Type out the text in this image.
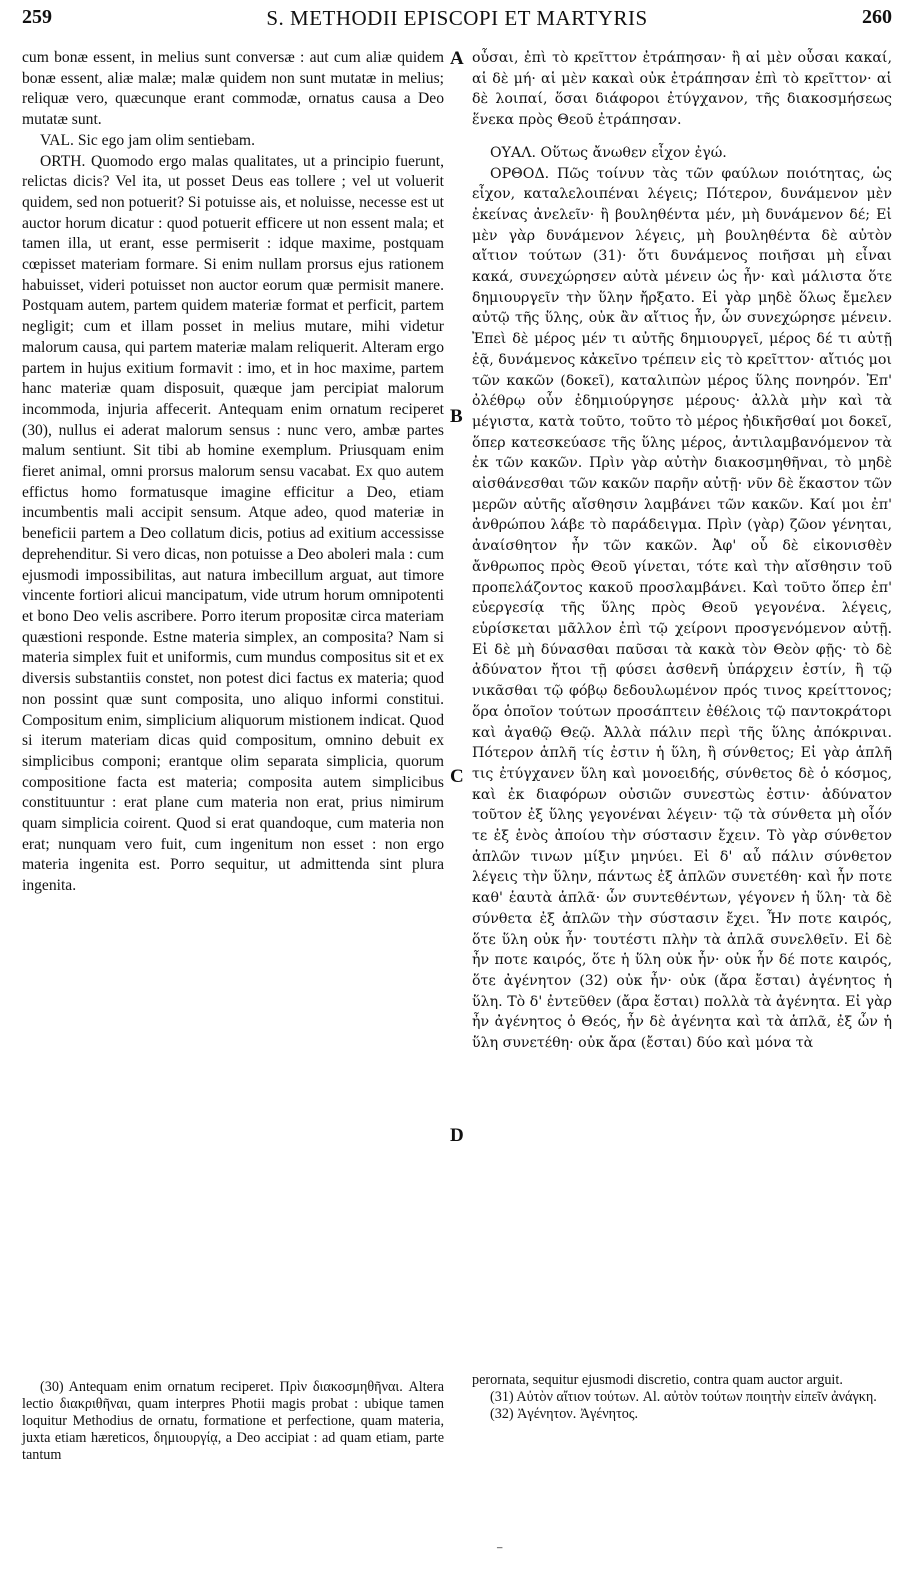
259	S. METHODII EPISCOPI ET MARTYRIS	260

cum bonæ essent, in melius sunt conversæ : aut cum aliæ quidem bonæ essent, aliæ malæ; malæ quidem non sunt mutatæ in melius; reliquæ vero, quæcunque erant commodæ, ornatus causa a Deo mutatæ sunt.

VAL. Sic ego jam olim sentiebam.

ORTH. Quomodo ergo malas qualitates, ut a principio fuerunt, relictas dicis? Vel ita, ut posset Deus eas tollere ; vel ut voluerit quidem, sed non potuerit? Si potuisse ais, et noluisse, necesse est ut auctor horum dicatur : quod potuerit efficere ut non essent mala; et tamen illa, ut erant, esse permiserit : idque maxime, postquam cœpisset materiam formare. Si enim nullam prorsus ejus rationem habuisset, videri potuisset non auctor eorum quæ permisit manere. Postquam autem, partem quidem materiæ format et perficit, partem negligit; cum et illam posset in melius mutare, mihi videtur malorum causa, qui partem materiæ malam reliquerit. Alteram ergo partem in hujus exitium formavit : imo, et in hoc maxime, partem hanc materiæ quam disposuit, quæque jam percipiat malorum incommoda, injuria affecerit. Antequam enim ornatum reciperet (30), nullus ei aderat malorum sensus : nunc vero, ambæ partes malum sentiunt. Sit tibi ab homine exemplum. Priusquam enim fieret animal, omni prorsus malorum sensu vacabat. Ex quo autem effictus homo formatusque imagine efficitur a Deo, etiam incumbentis mali accipit sensum. Atque adeo, quod materiæ in beneficii partem a Deo collatum dicis, potius ad exitium accessisse deprehenditur. Si vero dicas, non potuisse a Deo aboleri mala : cum ejusmodi impossibilitas, aut natura imbecillum arguat, aut timore vincente fortiori alicui mancipatum, vide utrum horum omnipotenti et bono Deo velis ascribere. Porro iterum propositæ circa materiam quæstioni responde. Estne materia simplex, an composita? Nam si materia simplex fuit et uniformis, cum mundus compositus sit et ex diversis substantiis constet, non potest dici factus ex materia; quod non possint quæ sunt composita, uno aliquo informi constitui. Compositum enim, simplicium aliquorum mistionem indicat. Quod si iterum materiam dicas quid compositum, omnino debuit ex simplicibus componi; erantque olim separata simplicia, quorum compositione facta est materia; composita autem simplicibus constituuntur : erat plane cum materia non erat, prius nimirum quam simplicia coirent. Quod si erat quandoque, cum materia non erat; nunquam vero fuit, cum ingenitum non esset : non ergo materia ingenita est. Porro sequitur, ut admittenda sint plura ingenita.

A
B
C
D

οὖσαι, ἐπὶ τὸ κρεῖττον ἐτράπησαν· ἢ αἱ μὲν οὖσαι κακαί, αἱ δὲ μή· αἱ μὲν κακαὶ οὐκ ἐτράπησαν ἐπὶ τὸ κρεῖττον· αἱ δὲ λοιπαί, ὅσαι διάφοροι ἐτύγχανον, τῆς διακοσμήσεως ἕνεκα πρὸς Θεοῦ ἐτράπησαν.

ΟΥΑΛ. Οὕτως ἄνωθεν εἶχον ἐγώ.

ΟΡΘΟΔ. Πῶς τοίνυν τὰς τῶν φαύλων ποιότητας, ὡς εἶχον, καταλελοιπέναι λέγεις; Πότερον, δυνάμενον μὲν ἐκείνας ἀνελεῖν· ἢ βουληθέντα μέν, μὴ δυνάμενον δέ; Εἰ μὲν γὰρ δυνάμενον λέγεις, μὴ βουληθέντα δὲ αὐτὸν αἴτιον τούτων (31)· ὅτι δυνάμενος ποιῆσαι μὴ εἶναι κακά, συνεχώρησεν αὐτὰ μένειν ὡς ἦν· καὶ μάλιστα ὅτε δημιουργεῖν τὴν ὕλην ἤρξατο. Εἰ γὰρ μηδὲ ὅλως ἔμελεν αὐτῷ τῆς ὕλης, οὐκ ἂν αἴτιος ἦν, ὧν συνεχώρησε μένειν. Ἐπεὶ δὲ μέρος μέν τι αὐτῆς δημιουργεῖ, μέρος δέ τι αὐτῇ ἐᾷ, δυνάμενος κἀκεῖνο τρέπειν εἰς τὸ κρεῖττον· αἴτιός μοι τῶν κακῶν (δοκεῖ), καταλιπὼν μέρος ὕλης πονηρόν. Ἐπ' ὀλέθρῳ οὖν ἐδημιούργησε μέρους· ἀλλὰ μὴν καὶ τὰ μέγιστα, κατὰ τοῦτο, τοῦτο τὸ μέρος ἠδικῆσθαί μοι δοκεῖ, ὅπερ κατεσκεύασε τῆς ὕλης μέρος, ἀντιλαμβανόμενον τὰ ἐκ τῶν κακῶν. Πρὶν γὰρ αὐτὴν διακοσμηθῆναι, τὸ μηδὲ αἰσθάνεσθαι τῶν κακῶν παρῆν αὐτῇ· νῦν δὲ ἕκαστον τῶν μερῶν αὐτῆς αἴσθησιν λαμβάνει τῶν κακῶν. Καί μοι ἐπ' ἀνθρώπου λάβε τὸ παράδειγμα. Πρὶν (γὰρ) ζῶον γένηται, ἀναίσθητον ἦν τῶν κακῶν. Ἀφ' οὗ δὲ εἰκονισθὲν ἄνθρωπος πρὸς Θεοῦ γίνεται, τότε καὶ τὴν αἴσθησιν τοῦ προπελάζοντος κακοῦ προσλαμβάνει. Καὶ τοῦτο ὅπερ ἐπ' εὐεργεσίᾳ τῆς ὕλης πρὸς Θεοῦ γεγονένα. λέγεις, εὑρίσκεται μᾶλλον ἐπὶ τῷ χείρονι προσγενόμενον αὐτῇ. Εἰ δὲ μὴ δύνασθαι παῦσαι τὰ κακὰ τὸν Θεὸν φῇς· τὸ δὲ ἀδύνατον ἤτοι τῇ φύσει ἀσθενῆ ὑπάρχειν ἐστίν, ἢ τῷ νικᾶσθαι τῷ φόβῳ δεδουλωμένον πρός τινος κρείττονος; ὅρα ὁποῖον τούτων προσάπτειν ἐθέλοις τῷ παντοκράτορι καὶ ἀγαθῷ Θεῷ. Ἀλλὰ πάλιν περὶ τῆς ὕλης ἀπόκριναι. Πότερον ἁπλῆ τίς ἐστιν ἡ ὕλη, ἢ σύνθετος; Εἰ γὰρ ἁπλῆ τις ἐτύγχανεν ὕλη καὶ μονοειδής, σύνθετος δὲ ὁ κόσμος, καὶ ἐκ διαφόρων οὐσιῶν συνεστὼς ἐστιν· ἀδύνατον τοῦτον ἐξ ὕλης γεγονέναι λέγειν· τῷ τὰ σύνθετα μὴ οἷόν τε ἐξ ἑνὸς ἀποίου τὴν σύστασιν ἔχειν. Τὸ γὰρ σύνθετον ἁπλῶν τινων μίξιν μηνύει. Εἰ δ' αὖ πάλιν σύνθετον λέγεις τὴν ὕλην, πάντως ἐξ ἁπλῶν συνετέθη· καὶ ἦν ποτε καθ' ἑαυτὰ ἁπλᾶ· ὧν συντεθέντων, γέγονεν ἡ ὕλη· τὰ δὲ σύνθετα ἐξ ἁπλῶν τὴν σύστασιν ἔχει. Ἦν ποτε καιρός, ὅτε ὕλη οὐκ ἦν· τουτέστι πλὴν τὰ ἁπλᾶ συνελθεῖν. Εἰ δὲ ἦν ποτε καιρός, ὅτε ἡ ὕλη οὐκ ἦν· οὐκ ἦν δέ ποτε καιρός, ὅτε ἀγένητον (32) οὐκ ἦν· οὐκ (ἄρα ἔσται) ἀγένητος ἡ ὕλη. Τὸ δ' ἐντεῦθεν (ἄρα ἔσται) πολλὰ τὰ ἀγένητα. Εἰ γὰρ ἦν ἀγένητος ὁ Θεός, ἦν δὲ ἀγένητα καὶ τὰ ἁπλᾶ, ἐξ ὧν ἡ ὕλη συνετέθη· οὐκ ἄρα (ἔσται) δύο καὶ μόνα τὰ

(30) Antequam enim ornatum reciperet. Πρὶν διακοσμηθῆναι. Altera lectio διακριθῆναι, quam interpres Photii magis probat : ubique tamen loquitur Methodius de ornatu, formatione et perfectione, quam materia, juxta etiam hæreticos, δημιουργίᾳ, a Deo accipiat : ad quam etiam, parte tantum

perornata, sequitur ejusmodi discretio, contra quam auctor arguit.

(31) Αὐτὸν αἴτιον τούτων. Al. αὐτὸν τούτων ποιητὴν εἰπεῖν ἀνάγκη.

(32) Ἀγένητον. Ἀγένητος.

⁻
